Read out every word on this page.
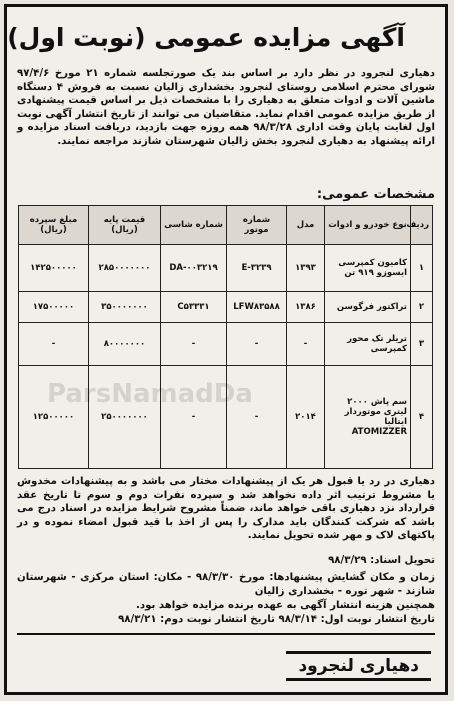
آگهی مزایده عمومی (نوبت اول)
دهیاری لنجرود در نظر دارد بر اساس بند یک صورتجلسه شماره ۲۱ مورخ ۹۷/۴/۶ شورای محترم اسلامی روستای لنجرود بخشداری زالیان نسبت به فروش ۴ دستگاه ماشین آلات و ادوات متعلق به دهیاری را با مشخصات ذیل بر اساس قیمت پیشنهادی از طریق مزایده عمومی اقدام نماید. متقاضیان می توانند از تاریخ انتشار آگهی نوبت اول لغایت پایان وقت اداری ۹۸/۳/۲۸ همه روزه جهت بازدید، دریافت اسناد مزایده و ارائه پیشنهاد به دهیاری لنجرود بخش زالیان شهرستان شازند مراجعه نمایند.
مشخصات عمومی:
ردیف	نوع خودرو و ادوات	مدل	شماره موتور	شماره شاسی	قیمت پایه (ریال)	مبلغ سپرده (ریال)
۱	کامیون کمپرسی ایسوزو ۹۱۹ تن	۱۳۹۳	E-۳۲۳۹	DA-۰۰۳۲۱۹	۲۸۵۰۰۰۰۰۰۰	۱۴۲۵۰۰۰۰۰
۲	تراکتور فرگوسن	۱۳۸۶	LFW۸۳۵۸۸	C۵۳۳۳۱	۳۵۰۰۰۰۰۰۰	۱۷۵۰۰۰۰۰
۳	تریلر تک محور کمپرسی	-	-	-	۸۰۰۰۰۰۰۰	-
۴	سم پاش ۲۰۰۰ لیتری موتوردار ایتالیا ATOMIZZER	۲۰۱۴	-	-	۲۵۰۰۰۰۰۰۰	۱۲۵۰۰۰۰۰
ParsNamadDa
دهیاری در رد یا قبول هر یک از پیشنهادات مختار می باشد و به پیشنهادات مخدوش یا مشروط ترتیب اثر داده نخواهد شد و سپرده نفرات دوم و سوم تا تاریخ عقد قرارداد نزد دهیاری باقی خواهد ماند، ضمناً مشروح شرایط مزایده در اسناد درج می باشد که شرکت کنندگان باید مدارک را پس از اخذ با قید قبول امضاء نموده و در پاکتهای لاک و مهر شده تحویل نمایند.
تحویل اسناد: ۹۸/۳/۲۹
زمان و مکان گشایش پیشنهادها: مورخ ۹۸/۳/۳۰ - مکان: استان مرکزی - شهرستان شازند - شهر توره - بخشداری زالیان
همچنین هزینه انتشار آگهی به عهده برنده مزایده خواهد بود.
تاریخ انتشار نوبت اول: ۹۸/۳/۱۴ تاریخ انتشار نوبت دوم: ۹۸/۳/۲۱
دهیاری لنجرود
